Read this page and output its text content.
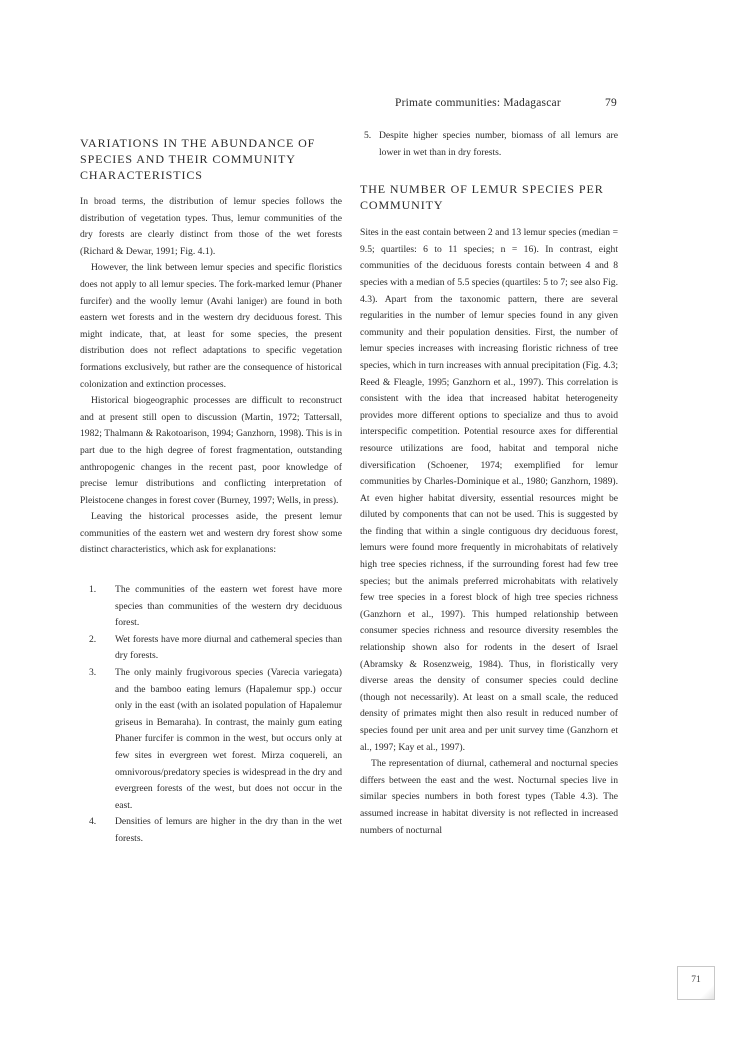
Primate communities: Madagascar	79
VARIATIONS IN THE ABUNDANCE OF SPECIES AND THEIR COMMUNITY CHARACTERISTICS

In broad terms, the distribution of lemur species follows the distribution of vegetation types. Thus, lemur communities of the dry forests are clearly distinct from those of the wet forests (Richard & Dewar, 1991; Fig. 4.1).

However, the link between lemur species and specific floristics does not apply to all lemur species. The fork-marked lemur (Phaner furcifer) and the woolly lemur (Avahi laniger) are found in both eastern wet forests and in the western dry deciduous forest. This might indicate, that, at least for some species, the present distribution does not reflect adaptations to specific vegetation formations exclusively, but rather are the consequence of historical colonization and extinction processes.

Historical biogeographic processes are difficult to reconstruct and at present still open to discussion (Martin, 1972; Tattersall, 1982; Thalmann & Rakotoarison, 1994; Ganzhorn, 1998). This is in part due to the high degree of forest fragmentation, outstanding anthropogenic changes in the recent past, poor knowledge of precise lemur distributions and conflicting interpretation of Pleistocene changes in forest cover (Burney, 1997; Wells, in press).

Leaving the historical processes aside, the present lemur communities of the eastern wet and western dry forest show some distinct characteristics, which ask for explanations:

1. The communities of the eastern wet forest have more species than communities of the western dry deciduous forest.
2. Wet forests have more diurnal and cathemeral species than dry forests.
3. The only mainly frugivorous species (Varecia variegata) and the bamboo eating lemurs (Hapalemur spp.) occur only in the east (with an isolated population of Hapalemur griseus in Bemaraha). In contrast, the mainly gum eating Phaner furcifer is common in the west, but occurs only at few sites in evergreen wet forest. Mirza coquereli, an omnivorous/predatory species is widespread in the dry and evergreen forests of the west, but does not occur in the east.
4. Densities of lemurs are higher in the dry than in the wet forests.
5. Despite higher species number, biomass of all lemurs are lower in wet than in dry forests.
THE NUMBER OF LEMUR SPECIES PER COMMUNITY

Sites in the east contain between 2 and 13 lemur species (median = 9.5; quartiles: 6 to 11 species; n = 16). In contrast, eight communities of the deciduous forests contain between 4 and 8 species with a median of 5.5 species (quartiles: 5 to 7; see also Fig. 4.3). Apart from the taxonomic pattern, there are several regularities in the number of lemur species found in any given community and their population densities. First, the number of lemur species increases with increasing floristic richness of tree species, which in turn increases with annual precipitation (Fig. 4.3; Reed & Fleagle, 1995; Ganzhorn et al., 1997). This correlation is consistent with the idea that increased habitat heterogeneity provides more different options to specialize and thus to avoid interspecific competition. Potential resource axes for differential resource utilizations are food, habitat and temporal niche diversification (Schoener, 1974; exemplified for lemur communities by Charles-Dominique et al., 1980; Ganzhorn, 1989). At even higher habitat diversity, essential resources might be diluted by components that can not be used. This is suggested by the finding that within a single contiguous dry deciduous forest, lemurs were found more frequently in microhabitats of relatively high tree species richness, if the surrounding forest had few tree species; but the animals preferred microhabitats with relatively few tree species in a forest block of high tree species richness (Ganzhorn et al., 1997). This humped relationship between consumer species richness and resource diversity resembles the relationship shown also for rodents in the desert of Israel (Abramsky & Rosenzweig, 1984). Thus, in floristically very diverse areas the density of consumer species could decline (though not necessarily). At least on a small scale, the reduced density of primates might then also result in reduced number of species found per unit area and per unit survey time (Ganzhorn et al., 1997; Kay et al., 1997).

The representation of diurnal, cathemeral and nocturnal species differs between the east and the west. Nocturnal species live in similar species numbers in both forest types (Table 4.3). The assumed increase in habitat diversity is not reflected in increased numbers of nocturnal

71
